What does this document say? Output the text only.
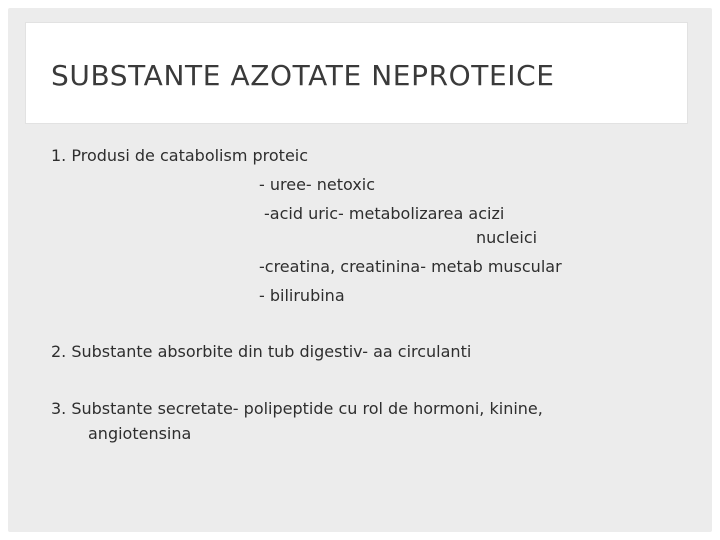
SUBSTANTE AZOTATE NEPROTEICE

1. Produsi de catabolism proteic

- uree- netoxic

-acid uric- metabolizarea acizi

nucleici

-creatina, creatinina- metab muscular

- bilirubina

2. Substante absorbite din tub digestiv- aa circulanti

3. Substante secretate- polipeptide cu rol de hormoni, kinine,

angiotensina
